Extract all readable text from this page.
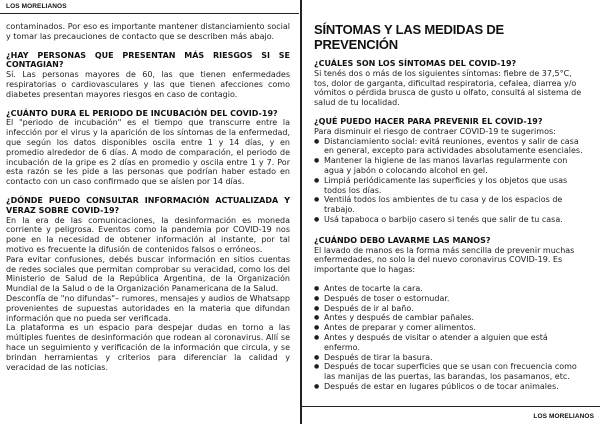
LOS MORELIANOS
LOS MORELIANOS

contaminados. Por eso es importante mantener distanciamiento social y tomar las precauciones de contacto que se describen más abajo.

¿HAY PERSONAS QUE PRESENTAN MÁS RIESGOS SI SE CONTAGIAN?

Sí. Las personas mayores de 60, las que tienen enfermedades respiratorias o cardiovasculares y las que tienen afecciones como diabetes presentan mayores riesgos en caso de contagio.

¿CUÁNTO DURA EL PERIODO DE INCUBACIÓN DEL COVID-19?

El "periodo de incubación" es el tiempo que transcurre entre la infección por el virus y la aparición de los síntomas de la enfermedad, que según los datos disponibles oscila entre 1 y 14 días, y en promedio alrededor de 6 días. A modo de comparación, el periodo de incubación de la gripe es 2 días en promedio y oscila entre 1 y 7. Por esta razón se les pide a las personas que podrían haber estado en contacto con un caso confirmado que se aíslen por 14 días.

¿DÓNDE PUEDO CONSULTAR INFORMACIÓN ACTUALIZADA Y VERAZ SOBRE COVID-19?

En la era de las comunicaciones, la desinformación es moneda corriente y peligrosa. Eventos como la pandemia por COVID-19 nos pone en la necesidad de obtener información al instante, por tal motivo es frecuente la difusión de contenidos falsos o erróneos.

Para evitar confusiones, debés buscar información en sitios cuentas de redes sociales que permitan comprobar su veracidad, como los del Ministerio de Salud de la República Argentina, de la Organización Mundial de la Salud o de la Organización Panamericana de la Salud.

Desconfía de "no difundas"– rumores, mensajes y audios de Whatsapp provenientes de supuestas autoridades en la materia que difundan información que no pueda ser verificada.

La plataforma es un espacio para despejar dudas en torno a las múltiples fuentes de desinformación que rodean al coronavirus. Allí se hace un seguimiento y verificación de la información que circula, y se brindan herramientas y criterios para diferenciar la calidad y veracidad de las noticias.

SÍNTOMAS Y LAS MEDIDAS DE PREVENCIÓN
¿CUÁLES SON LOS SÍNTOMAS DEL COVID-19?

Si tenés dos o más de los siguientes síntomas: fiebre de 37,5°C, tos, dolor de garganta, dificultad respiratoria, cefalea, diarrea y/o vómitos o pérdida brusca de gusto u olfato, consultá al sistema de salud de tu localidad.

¿QUÉ PUEDO HACER PARA PREVENIR EL COVID-19?

Para disminuir el riesgo de contraer COVID-19 te sugerimos:

● Distanciamiento social: evitá reuniones, eventos y salir de casa en general, excepto para actividades absolutamente esenciales.
● Mantener la higiene de las manos lavarlas regularmente con agua y jabón o colocando alcohol en gel.
● Limpiá periódicamente las superficies y los objetos que usas todos los días.
● Ventilá todos los ambientes de tu casa y de los espacios de trabajo.
● Usá tapaboca o barbijo casero si tenés que salir de tu casa.
¿CUÁNDO DEBO LAVARME LAS MANOS?

El lavado de manos es la forma más sencilla de prevenir muchas enfermedades, no solo la del nuevo coronavirus COVID-19. Es importante que lo hagas:

● Antes de tocarte la cara.
● Después de toser o estornudar.
● Después de ir al baño.
● Antes y después de cambiar pañales.
● Antes de preparar y comer alimentos.
● Antes y después de visitar o atender a alguien que está enfermo.
● Después de tirar la basura.
● Después de tocar superficies que se usan con frecuencia como las manijas de las puertas, las barandas, los pasamanos, etc.
● Después de estar en lugares públicos o de tocar animales.
